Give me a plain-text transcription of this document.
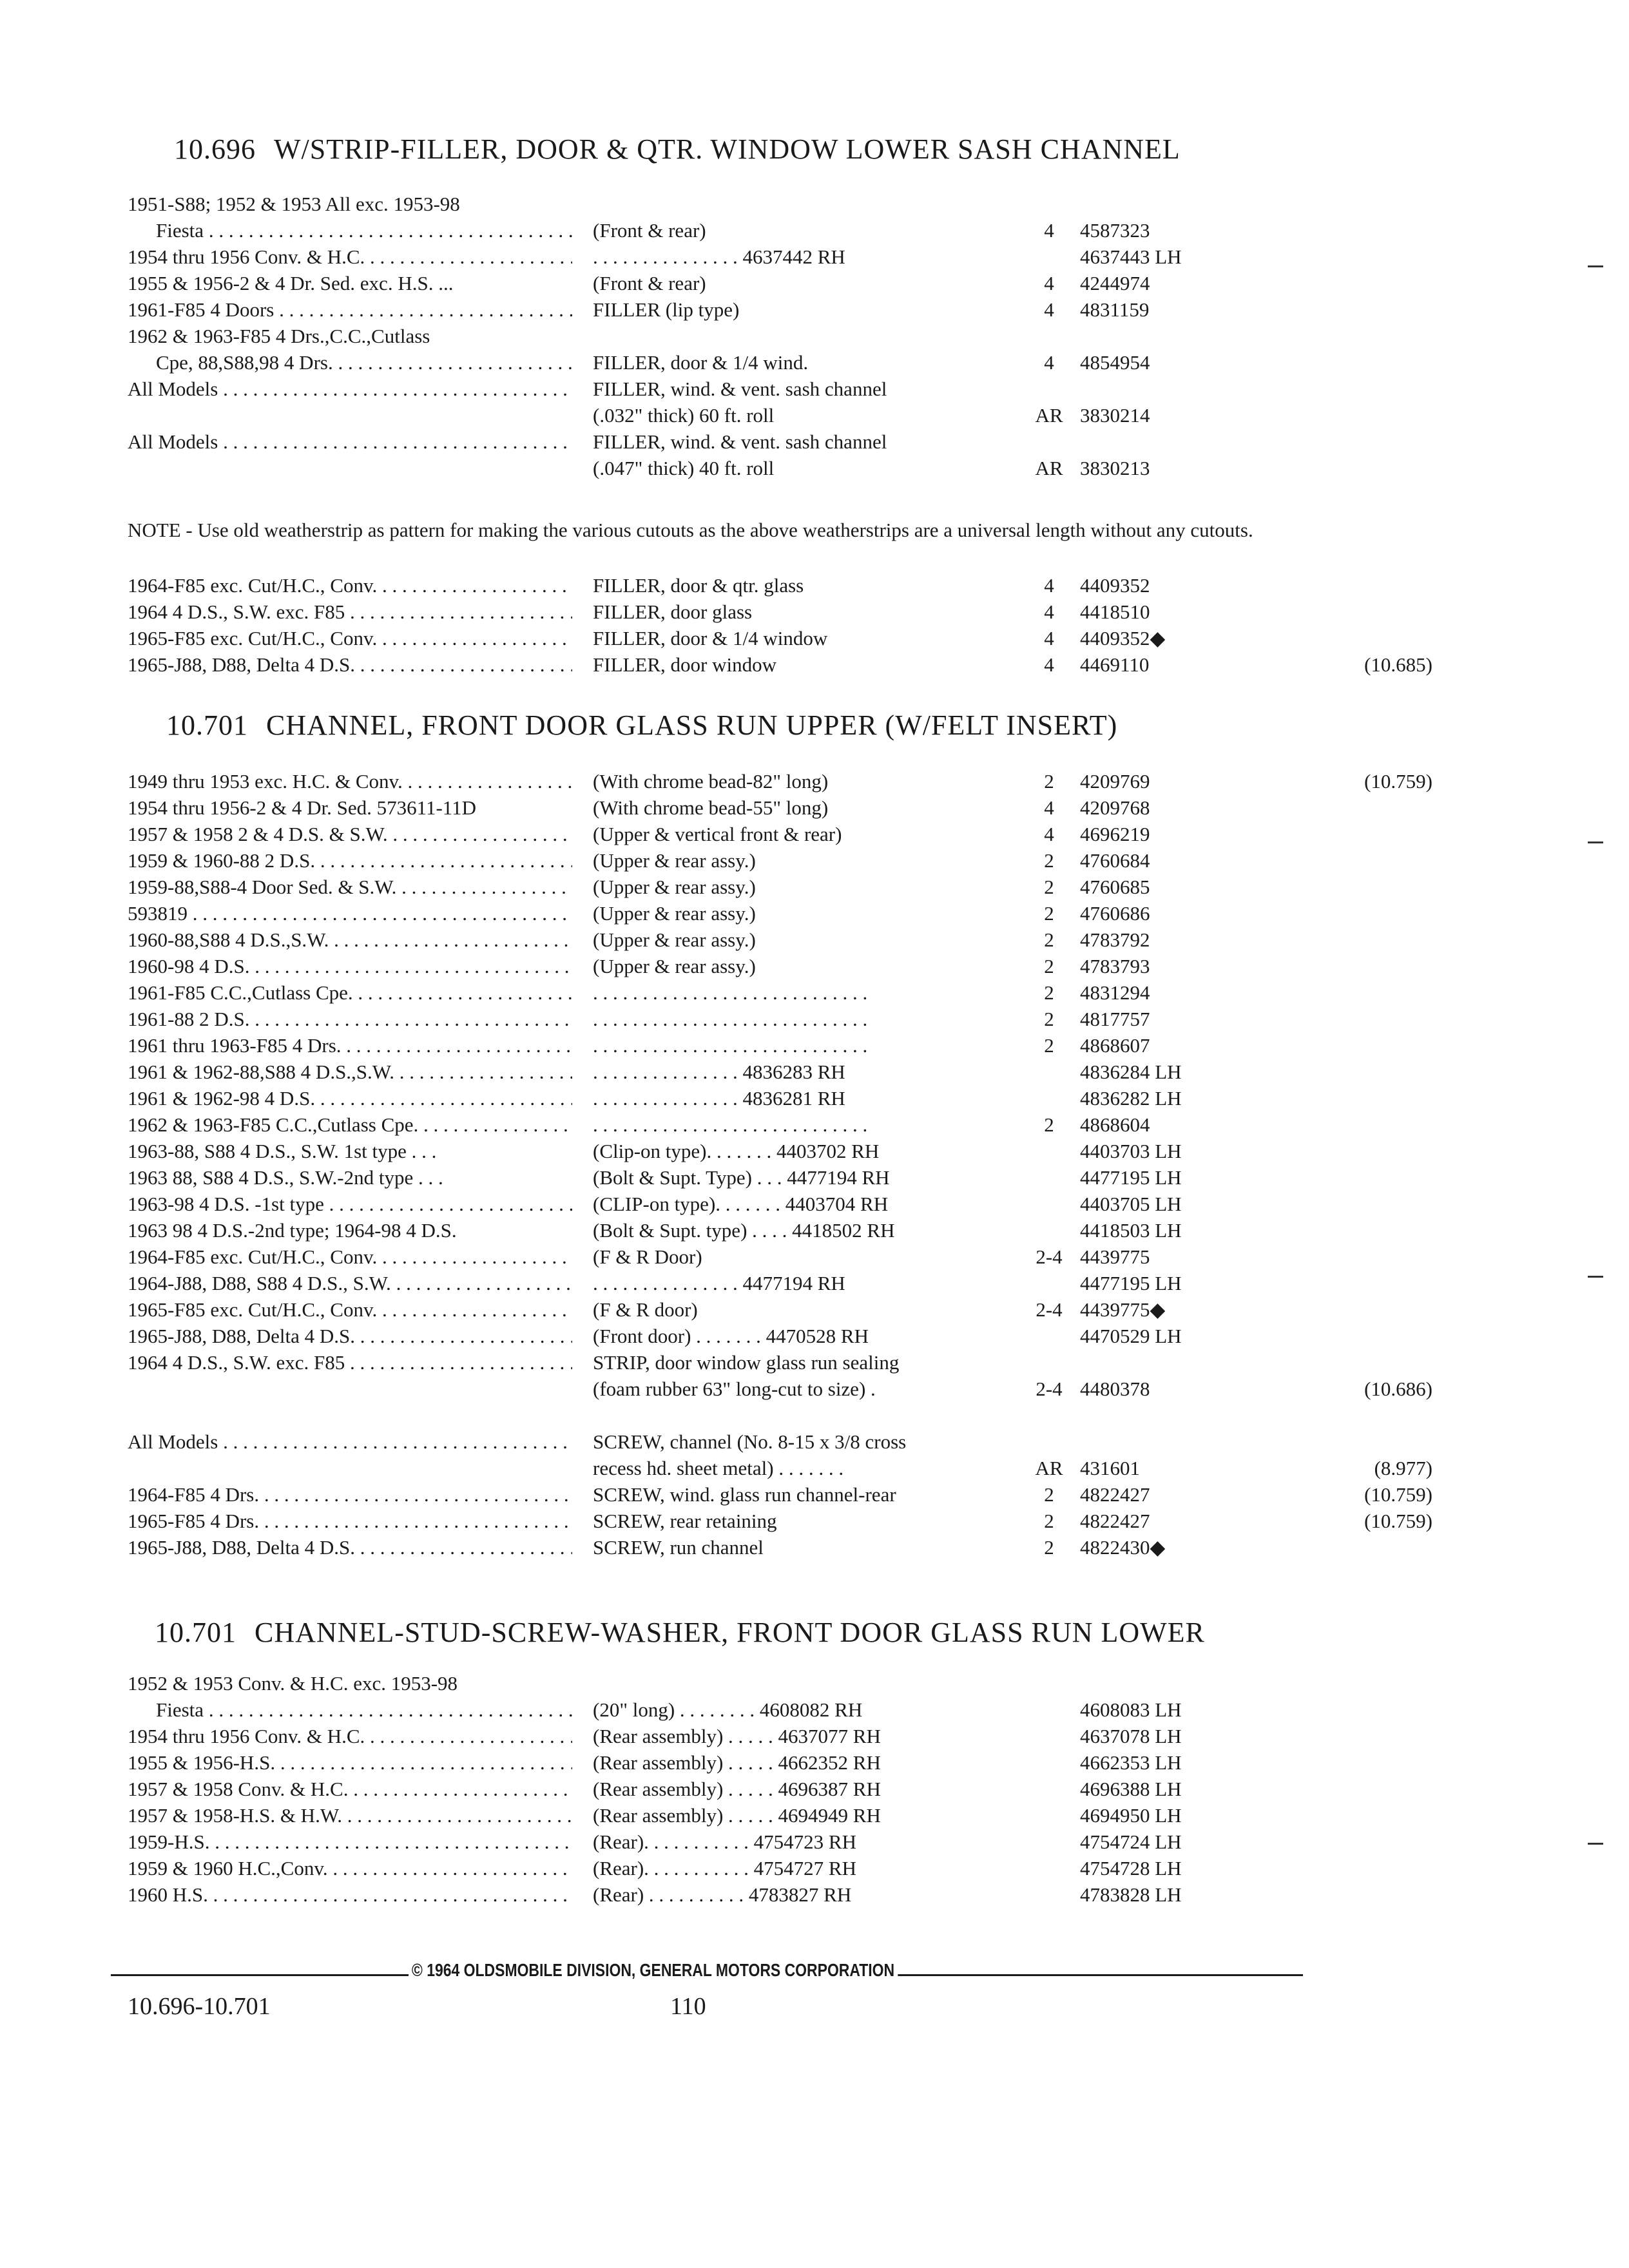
10.696 W/STRIP-FILLER, DOOR & QTR. WINDOW LOWER SASH CHANNEL
1951-S88; 1952 & 1953 All exc. 1953-98
Fiesta . . .	(Front & rear)	4	4587323
1954 thru 1956 Conv. & H.C. . . .	. . . . . . . . . . . . . . . 4637442 RH	4637443 LH
1955 & 1956-2 & 4 Dr. Sed. exc. H.S. ...	(Front & rear)	4	4244974
1961-F85 4 Doors . . .	FILLER (lip type)	4	4831159
1962 & 1963-F85 4 Drs.,C.C.,Cutlass
Cpe, 88,S88,98 4 Drs. . . .	FILLER, door & 1/4 wind.	4	4854954
All Models . . .	FILLER, wind. & vent. sash channel
(.032" thick) 60 ft. roll	AR 3830214
All Models . . .	FILLER, wind. & vent. sash channel
(.047" thick) 40 ft. roll	AR 3830213
NOTE - Use old weatherstrip as pattern for making the various cutouts as the above weatherstrips are a universal length without any cutouts.
1964-F85 exc. Cut/H.C., Conv. . . .	FILLER, door & qtr. glass	4	4409352
1964 4 D.S., S.W. exc. F85 . . .	FILLER, door glass	4	4418510
1965-F85 exc. Cut/H.C., Conv. . . .	FILLER, door & 1/4 window	4	4409352◆
1965-J88, D88, Delta 4 D.S. . . .	FILLER, door window	4	4469110	(10.685)
10.701 CHANNEL, FRONT DOOR GLASS RUN UPPER (W/FELT INSERT)
1949 thru 1953 exc. H.C. & Conv. . . .	(With chrome bead-82" long)	2	4209769	(10.759)
1954 thru 1956-2 & 4 Dr. Sed. 573611-11D	(With chrome bead-55" long)	4	4209768
1957 & 1958 2 & 4 D.S. & S.W. . . .	(Upper & vertical front & rear)	4	4696219
1959 & 1960-88 2 D.S. . . .	(Upper & rear assy.)	2	4760684
1959-88,S88-4 Door Sed. & S.W. . . .	(Upper & rear assy.)	2	4760685
593819 . . .	(Upper & rear assy.)	2	4760686
1960-88,S88 4 D.S.,S.W. . . .	(Upper & rear assy.)	2	4783792
1960-98 4 D.S. . . .	(Upper & rear assy.)	2	4783793
1961-F85 C.C.,Cutlass Cpe. . . .	. . . . . . . . . . . . . . . . . . . . . . . . . . . .	2	4831294
1961-88 2 D.S. . . .	. . . . . . . . . . . . . . . . . . . . . . . . . . . .	2	4817757
1961 thru 1963-F85 4 Drs. . . .	. . . . . . . . . . . . . . . . . . . . . . . . . . . .	2	4868607
1961 & 1962-88,S88 4 D.S.,S.W. . . .	. . . . . . . . . . . . . . . 4836283 RH	4836284 LH
1961 & 1962-98 4 D.S. . . .	. . . . . . . . . . . . . . . 4836281 RH	4836282 LH
1962 & 1963-F85 C.C.,Cutlass Cpe. . . .	. . . . . . . . . . . . . . . . . . . . . . . . . . . .	2	4868604
1963-88, S88 4 D.S., S.W. 1st type . . .	(Clip-on type). . . . . . . 4403702 RH	4403703 LH
1963 88, S88 4 D.S., S.W.-2nd type . . .	(Bolt & Supt. Type) . . . 4477194 RH	4477195 LH
1963-98 4 D.S. -1st type . . .	(CLIP-on type). . . . . . . 4403704 RH	4403705 LH
1963 98 4 D.S.-2nd type; 1964-98 4 D.S.	(Bolt & Supt. type) . . . . 4418502 RH	4418503 LH
1964-F85 exc. Cut/H.C., Conv. . . .	(F & R Door)	2-4 4439775
1964-J88, D88, S88 4 D.S., S.W. . . .	. . . . . . . . . . . . . . . 4477194 RH	4477195 LH
1965-F85 exc. Cut/H.C., Conv. . . .	(F & R door)	2-4 4439775◆
1965-J88, D88, Delta 4 D.S. . . .	(Front door) . . . . . . . 4470528 RH	4470529 LH
1964 4 D.S., S.W. exc. F85 . . .	STRIP, door window glass run sealing
(foam rubber 63" long-cut to size) .	2-4 4480378	(10.686)
All Models . . .	SCREW, channel (No. 8-15 x 3/8 cross
recess hd. sheet metal) . . . . . . .	AR 431601	(8.977)
1964-F85 4 Drs. . . .	SCREW, wind. glass run channel-rear	2	4822427	(10.759)
1965-F85 4 Drs. . . .	SCREW, rear retaining	2	4822427	(10.759)
1965-J88, D88, Delta 4 D.S. . . .	SCREW, run channel	2	4822430◆
10.701 CHANNEL-STUD-SCREW-WASHER, FRONT DOOR GLASS RUN LOWER
1952 & 1953 Conv. & H.C. exc. 1953-98
Fiesta . . .	(20" long) . . . . . . . . 4608082 RH	4608083 LH
1954 thru 1956 Conv. & H.C. . . .	(Rear assembly) . . . . . 4637077 RH	4637078 LH
1955 & 1956-H.S. . . .	(Rear assembly) . . . . . 4662352 RH	4662353 LH
1957 & 1958 Conv. & H.C. . . .	(Rear assembly) . . . . . 4696387 RH	4696388 LH
1957 & 1958-H.S. & H.W. . . .	(Rear assembly) . . . . . 4694949 RH	4694950 LH
1959-H.S. . . .	(Rear). . . . . . . . . . . 4754723 RH	4754724 LH
1959 & 1960 H.C.,Conv. . . .	(Rear). . . . . . . . . . . 4754727 RH	4754728 LH
1960 H.S. . . .	(Rear) . . . . . . . . . . 4783827 RH	4783828 LH
© 1964 OLDSMOBILE DIVISION, GENERAL MOTORS CORPORATION
10.696-10.701	110
